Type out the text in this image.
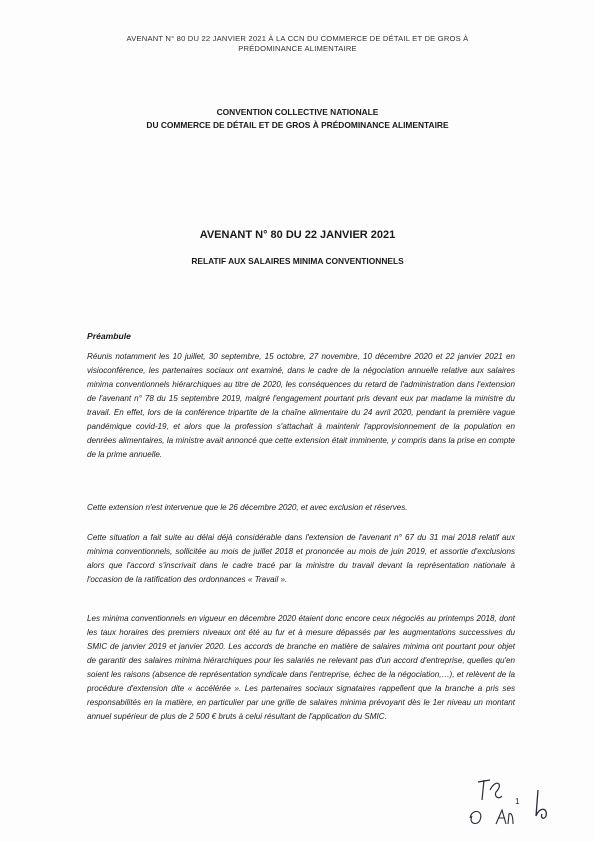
AVENANT N° 80 DU 22 JANVIER 2021 À LA CCN DU COMMERCE DE DÉTAIL ET DE GROS À
PRÉDOMINANCE ALIMENTAIRE
CONVENTION COLLECTIVE NATIONALE
DU COMMERCE DE DÉTAIL ET DE GROS À PRÉDOMINANCE ALIMENTAIRE
AVENANT N° 80 DU 22 JANVIER 2021
RELATIF AUX SALAIRES MINIMA CONVENTIONNELS
Préambule
Réunis notamment les 10 juillet, 30 septembre, 15 octobre, 27 novembre, 10 décembre 2020 et 22 janvier 2021 en visioconférence, les partenaires sociaux ont examiné, dans le cadre de la négociation annuelle relative aux salaires minima conventionnels hiérarchiques au titre de 2020, les conséquences du retard de l'administration dans l'extension de l'avenant n° 78 du 15 septembre 2019, malgré l'engagement pourtant pris devant eux par madame la ministre du travail. En effet, lors de la conférence tripartite de la chaîne alimentaire du 24 avril 2020, pendant la première vague pandémique covid-19, et alors que la profession s'attachait à maintenir l'approvisionnement de la population en denrées alimentaires, la ministre avait annoncé que cette extension était imminente, y compris dans la prise en compte de la prime annuelle.
Cette extension n'est intervenue que le 26 décembre 2020, et avec exclusion et réserves.
Cette situation a fait suite au délai déjà considérable dans l'extension de l'avenant n° 67 du 31 mai 2018 relatif aux minima conventionnels, sollicitée au mois de juillet 2018 et prononcée au mois de juin 2019, et assortie d'exclusions alors que l'accord s'inscrivait dans le cadre tracé par la ministre du travail devant la représentation nationale à l'occasion de la ratification des ordonnances « Travail ».
Les minima conventionnels en vigueur en décembre 2020 étaient donc encore ceux négociés au printemps 2018, dont les taux horaires des premiers niveaux ont été au fur et à mesure dépassés par les augmentations successives du SMIC de janvier 2019 et janvier 2020. Les accords de branche en matière de salaires minima ont pourtant pour objet de garantir des salaires minima hiérarchiques pour les salariés ne relevant pas d'un accord d'entreprise, quelles qu'en soient les raisons (absence de représentation syndicale dans l'entreprise, échec de la négociation,…), et relèvent de la procédure d'extension dite « accélérée ». Les partenaires sociaux signataires rappellent que la branche a pris ses responsabilités en la matière, en particulier par une grille de salaires minima prévoyant dès le 1er niveau un montant annuel supérieur de plus de 2 500 € bruts à celui résultant de l'application du SMIC.
1
